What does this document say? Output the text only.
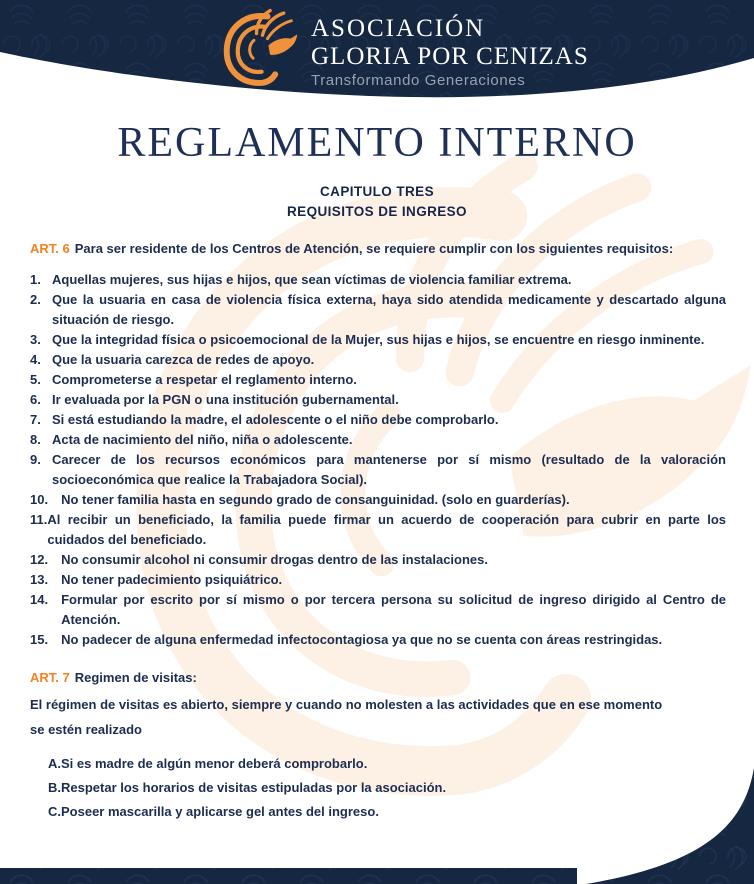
ASOCIACIÓN
GLORIA POR CENIZAS
Transformando Generaciones
REGLAMENTO INTERNO
CAPITULO TRES
REQUISITOS DE INGRESO

ART. 6 Para ser residente de los Centros de Atención, se requiere cumplir con los siguientes requisitos:

1. Aquellas mujeres, sus hijas e hijos, que sean víctimas de violencia familiar extrema.
2. Que la usuaria en casa de violencia física externa, haya sido atendida medicamente y descartado alguna situación de riesgo.
3. Que la integridad física o psicoemocional de la Mujer, sus hijas e hijos, se encuentre en riesgo inminente.
4. Que la usuaria carezca de redes de apoyo.
5. Comprometerse a respetar el reglamento interno.
6. Ir evaluada por la PGN o una institución gubernamental.
7. Si está estudiando la madre, el adolescente o el niño debe comprobarlo.
8. Acta de nacimiento del niño, niña o adolescente.
9. Carecer de los recursos económicos para mantenerse por sí mismo (resultado de la valoración socioeconómica que realice la Trabajadora Social).
10. No tener familia hasta en segundo grado de consanguinidad. (solo en guarderías).
11. Al recibir un beneficiado, la familia puede firmar un acuerdo de cooperación para cubrir en parte los cuidados del beneficiado.
12. No consumir alcohol ni consumir drogas dentro de las instalaciones.
13. No tener padecimiento psiquiátrico.
14. Formular por escrito por sí mismo o por tercera persona su solicitud de ingreso dirigido al Centro de Atención.
15. No padecer de alguna enfermedad infectocontagiosa ya que no se cuenta con áreas restringidas.
ART. 7 Regimen de visitas:

El régimen de visitas es abierto, siempre y cuando no molesten a las actividades que en ese momento se estén realizado

A. Si es madre de algún menor deberá comprobarlo.
B. Respetar los horarios de visitas estipuladas por la asociación.
C. Poseer mascarilla y aplicarse gel antes del ingreso.
